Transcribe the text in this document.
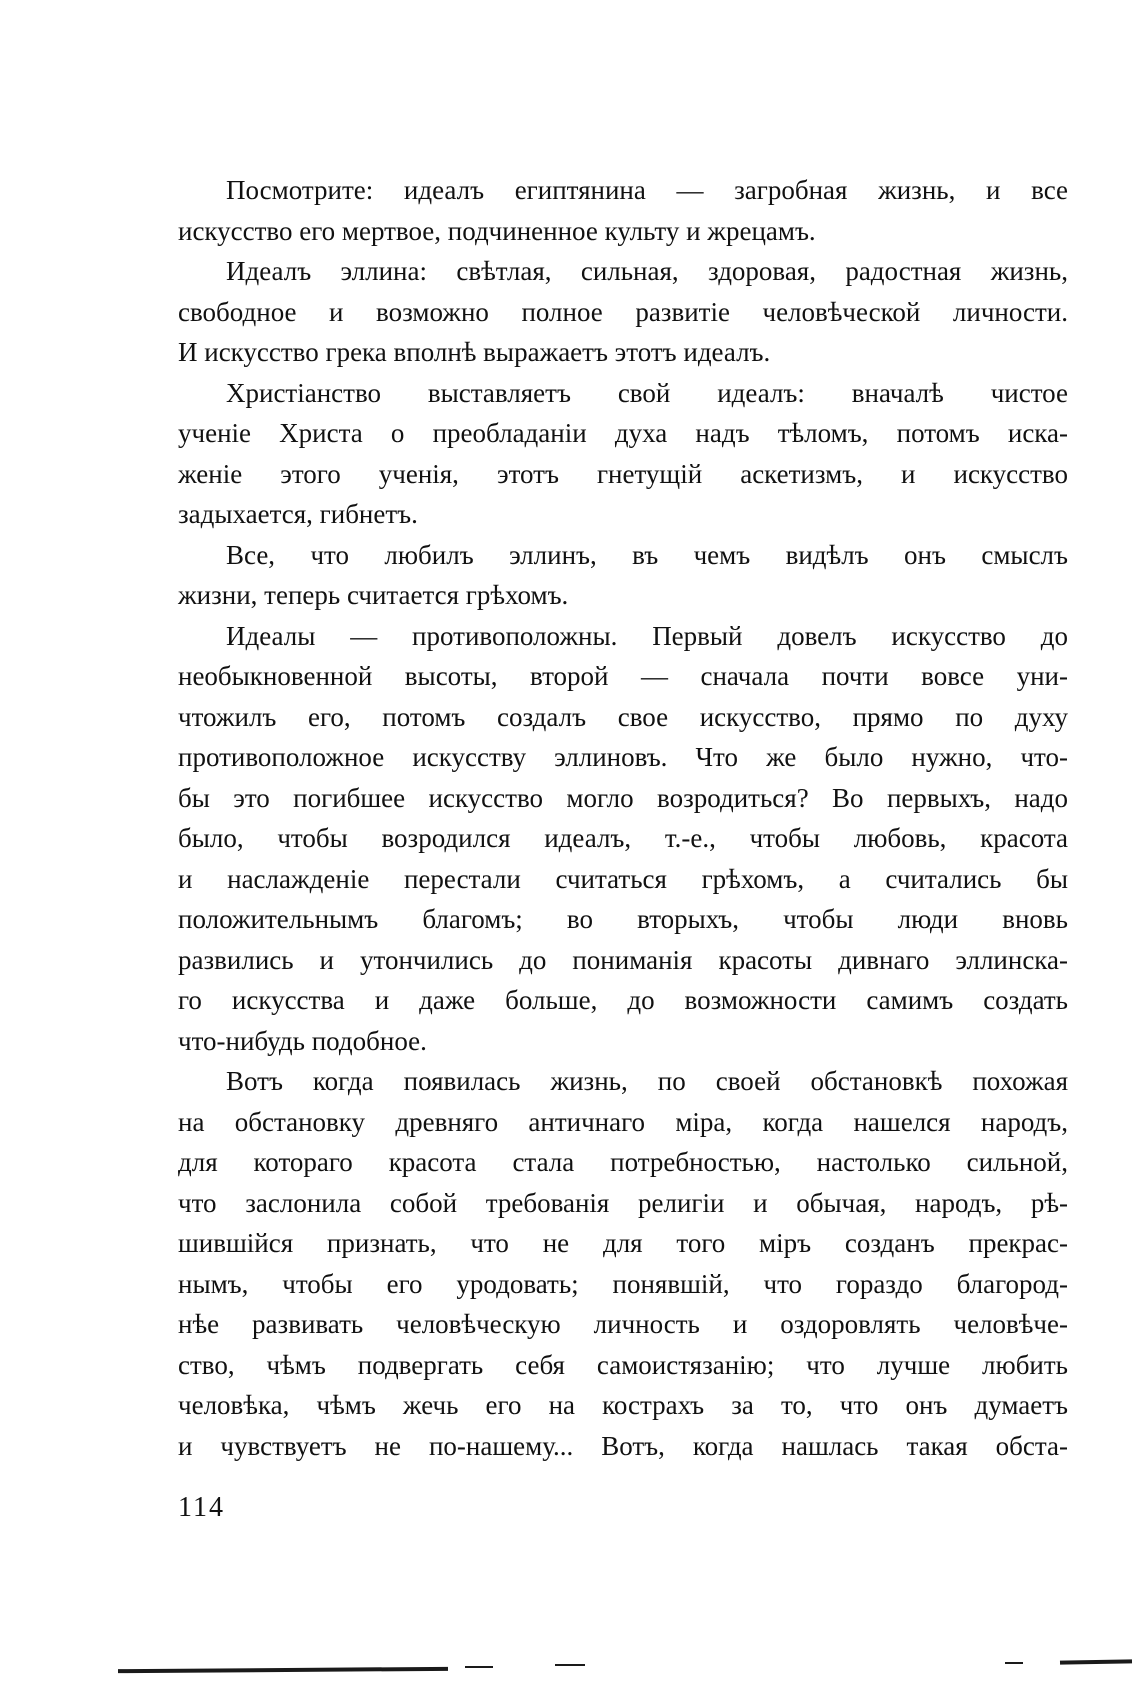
Посмотрите: идеалъ египтянина — загробная жизнь, и все
искусство его мертвое, подчиненное культу и жрецамъ.
Идеалъ эллина: свѣтлая, сильная, здоровая, радостная жизнь,
свободное и возможно полное развитіе человѣческой личности.
И искусство грека вполнѣ выражаетъ этотъ идеалъ.
Христіанство выставляетъ свой идеалъ: вначалѣ чистое
ученіе Христа о преобладаніи духа надъ тѣломъ, потомъ иска-
женіе этого ученія, этотъ гнетущій аскетизмъ, и искусство
задыхается, гибнетъ.
Все, что любилъ эллинъ, въ чемъ видѣлъ онъ смыслъ
жизни, теперь считается грѣхомъ.
Идеалы — противоположны. Первый довелъ искусство до
необыкновенной высоты, второй — сначала почти вовсе уни-
чтожилъ его, потомъ создалъ свое искусство, прямо по духу
противоположное искусству эллиновъ. Что же было нужно, что-
бы это погибшее искусство могло возродиться? Во первыхъ, надо
было, чтобы возродился идеалъ, т.-е., чтобы любовь, красота
и наслажденіе перестали считаться грѣхомъ, а считались бы
положительнымъ благомъ; во вторыхъ, чтобы люди вновь
развились и утончились до пониманія красоты дивнаго эллинска-
го искусства и даже больше, до возможности самимъ создать
что-нибудь подобное.
Вотъ когда появилась жизнь, по своей обстановкѣ похожая
на обстановку древняго античнаго міра, когда нашелся народъ,
для котораго красота стала потребностью, настолько сильной,
что заслонила собой требованія религіи и обычая, народъ, рѣ-
шившійся признать, что не для того міръ созданъ прекрас-
нымъ, чтобы его уродовать; понявшій, что гораздо благород-
нѣе развивать человѣческую личность и оздоровлять человѣче-
ство, чѣмъ подвергать себя самоистязанію; что лучше любить
человѣка, чѣмъ жечь его на кострахъ за то, что онъ думаетъ
и чувствуетъ не по-нашему... Вотъ, когда нашлась такая обста-
114
